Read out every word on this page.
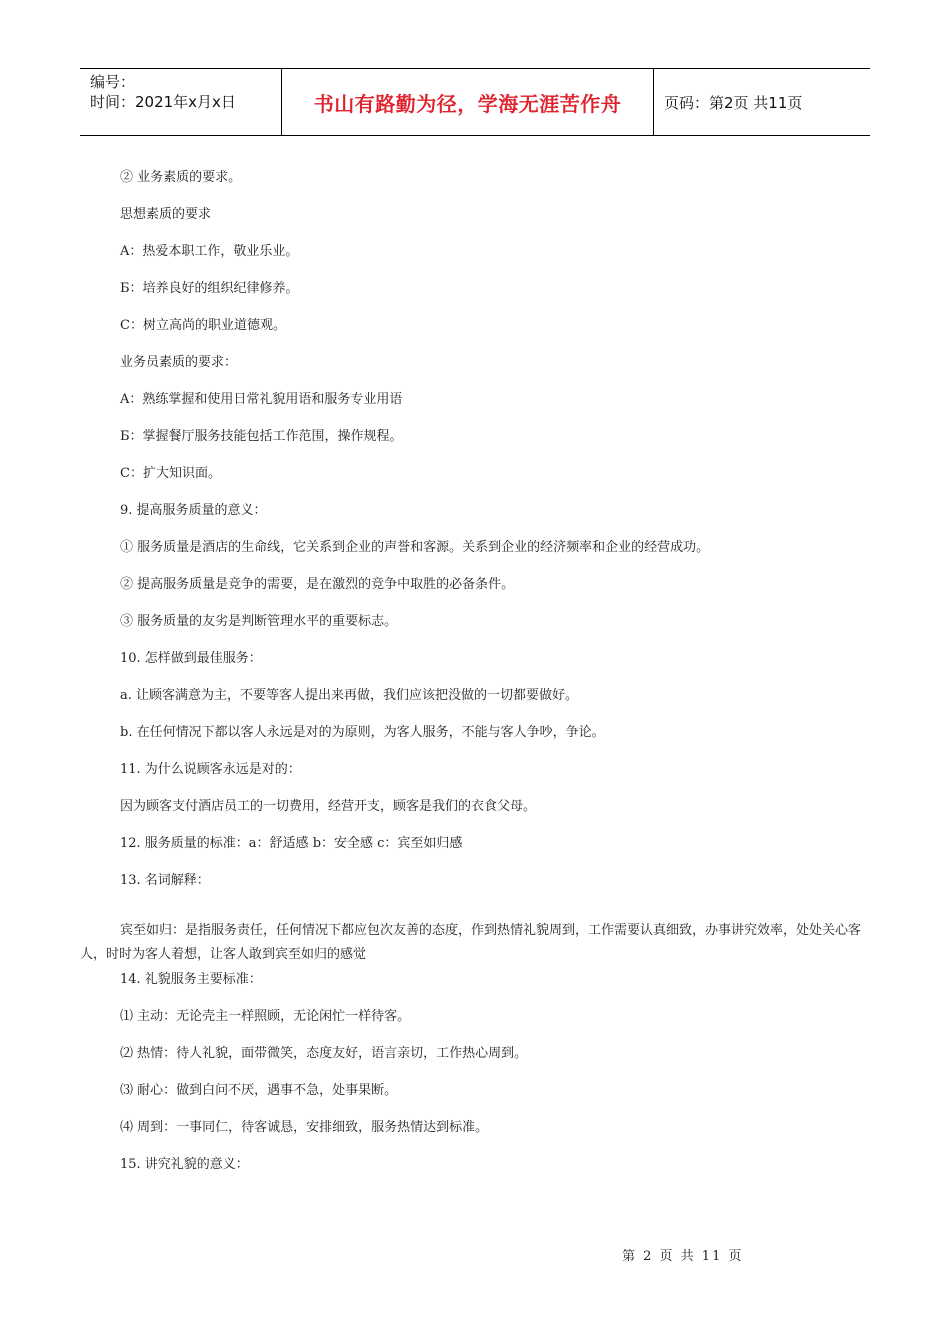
编号：
时间：2021年x月x日	书山有路勤为径，学海无涯苦作舟	页码：第2页 共11页

② 业务素质的要求。

思想素质的要求

A：热爱本职工作，敬业乐业。

Б：培养良好的组织纪律修养。

C：树立高尚的职业道德观。

业务员素质的要求：

A：熟练掌握和使用日常礼貌用语和服务专业用语

Б：掌握餐厅服务技能包括工作范围，操作规程。

C：扩大知识面。

9. 提高服务质量的意义：

① 服务质量是酒店的生命线，它关系到企业的声誉和客源。关系到企业的经济频率和企业的经营成功。

② 提高服务质量是竞争的需要，是在激烈的竞争中取胜的必备条件。

③ 服务质量的友劣是判断管理水平的重要标志。

10. 怎样做到最佳服务：

a. 让顾客满意为主，不要等客人提出来再做，我们应该把没做的一切都要做好。

b. 在任何情况下都以客人永远是对的为原则，为客人服务，不能与客人争吵，争论。

11. 为什么说顾客永远是对的：

因为顾客支付酒店员工的一切费用，经营开支，顾客是我们的衣食父母。

12. 服务质量的标准：a：舒适感 b：安全感 c：宾至如归感

13. 名词解释：

宾至如归：是指服务责任，任何情况下都应包次友善的态度，作到热情礼貌周到，工作需要认真细致，办事讲究效率，处处关心客人，时时为客人着想，让客人敢到宾至如归的感觉

14. 礼貌服务主要标准：

⑴ 主动：无论壳主一样照顾，无论闲忙一样待客。

⑵ 热情：待人礼貌，面带微笑，态度友好，语言亲切，工作热心周到。

⑶ 耐心：做到白问不厌，遇事不急，处事果断。

⑷ 周到：一事同仁，待客诚恳，安排细致，服务热情达到标准。

15. 讲究礼貌的意义：

第 2 页 共 11 页
